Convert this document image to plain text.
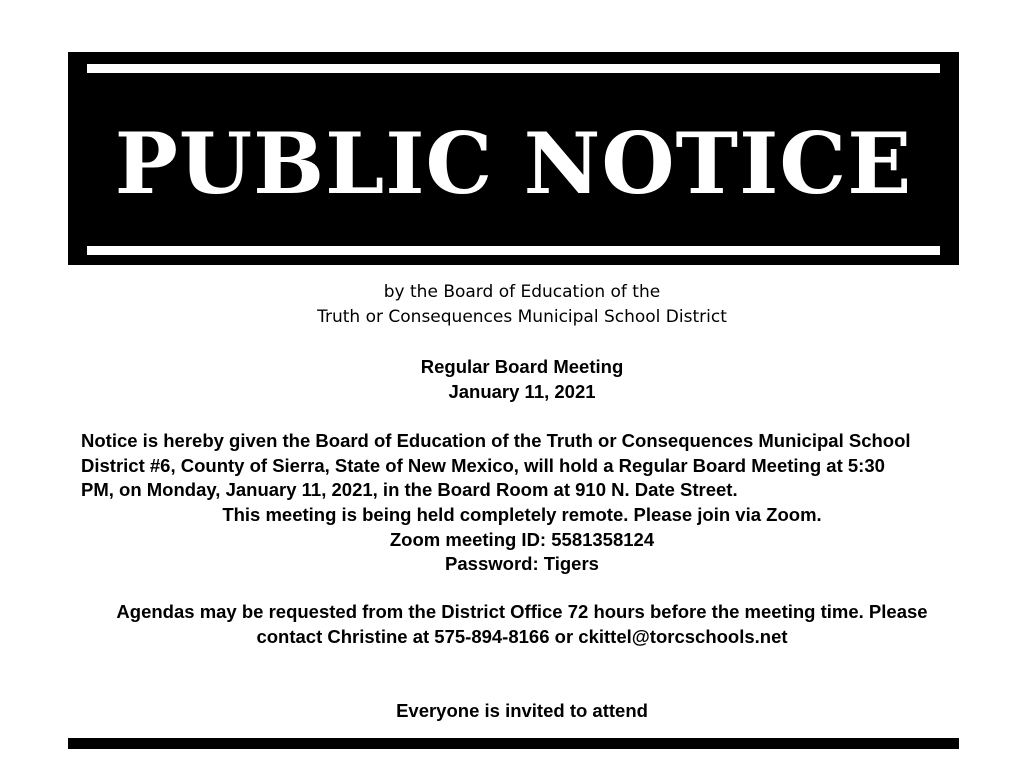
PUBLIC NOTICE
by the Board of Education of the
Truth or Consequences Municipal School District
Regular Board Meeting
January 11, 2021
Notice is hereby given the Board of Education of the Truth or Consequences Municipal School
District #6, County of Sierra, State of New Mexico, will hold a Regular Board Meeting at 5:30
PM, on Monday, January 11, 2021, in the Board Room at 910 N. Date Street.
This meeting is being held completely remote. Please join via Zoom.
Zoom meeting ID: 5581358124
Password: Tigers
Agendas may be requested from the District Office 72 hours before the meeting time. Please
contact Christine at 575-894-8166 or ckittel@torcschools.net
Everyone is invited to attend
